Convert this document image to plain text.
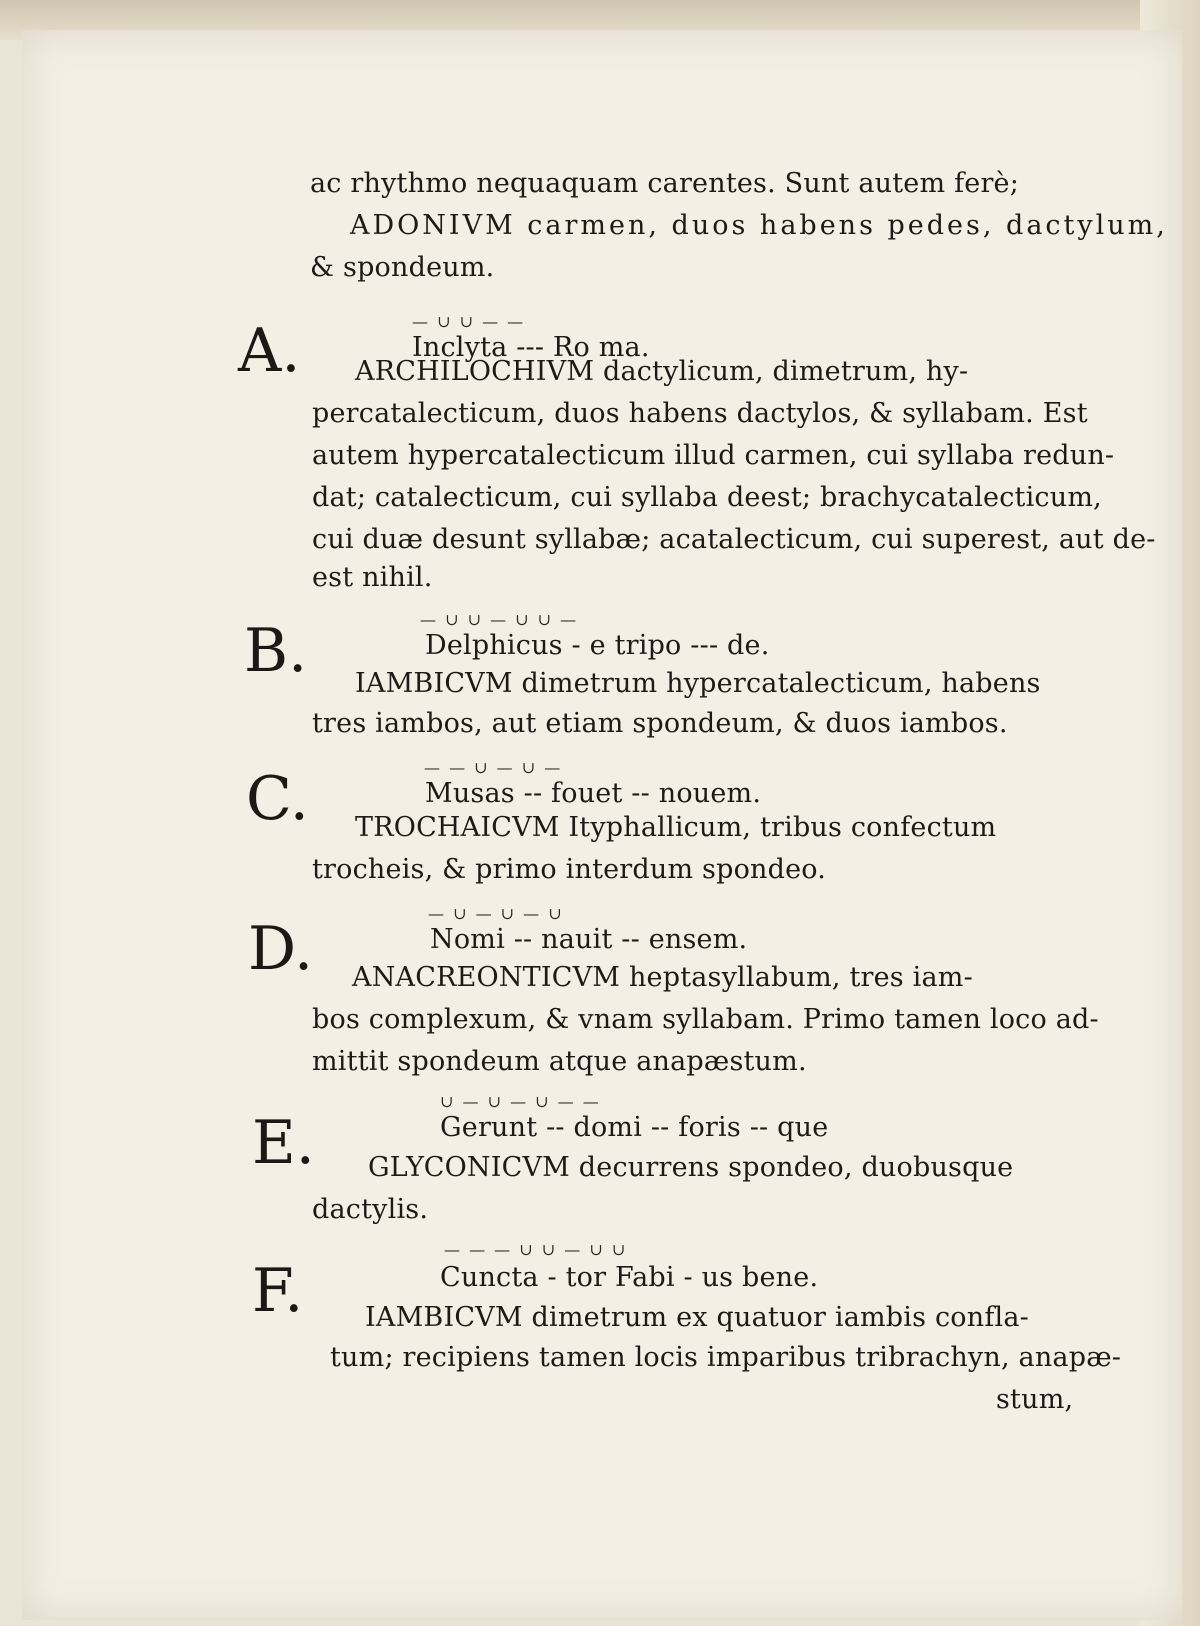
ac rhythmo nequaquam carentes. Sunt autem ferè;
ADONIVM carmen, duos habens pedes, dactylum,
& spondeum.
ARCHILOCHIVM dactylicum, dimetrum, hy-
percatalecticum, duos habens dactylos, & syllabam. Est
autem hypercatalecticum illud carmen, cui syllaba redun-
dat; catalecticum, cui syllaba deest; brachycatalecticum,
cui duæ desunt syllabæ; acatalecticum, cui superest, aut de-
est nihil.
IAMBICVM dimetrum hypercatalecticum, habens
tres iambos, aut etiam spondeum, & duos iambos.
TROCHAICVM Ityphallicum, tribus confectum
trocheis, & primo interdum spondeo.
ANACREONTICVM heptasyllabum, tres iam-
bos complexum, & vnam syllabam. Primo tamen loco ad-
mittit spondeum atque anapæstum.
GLYCONICVM decurrens spondeo, duobusque
dactylis.
IAMBICVM dimetrum ex quatuor iambis confla-
tum; recipiens tamen locis imparibus tribrachyn, anapæ-
stum,
— ∪ ∪ — —
— ∪ ∪ — ∪ ∪ —
— — ∪ — ∪ —
— ∪ — ∪ — ∪
∪ — ∪ — ∪ — —
— — — ∪ ∪ — ∪ ∪
Inclyta --- Ro ma.
Delphicus - e tripo --- de.
Musas -- fouet -- nouem.
Nomi -- nauit -- ensem.
Gerunt -- domi -- foris -- que
Cuncta - tor Fabi - us bene.
A.
B.
C.
D.
E.
F.
